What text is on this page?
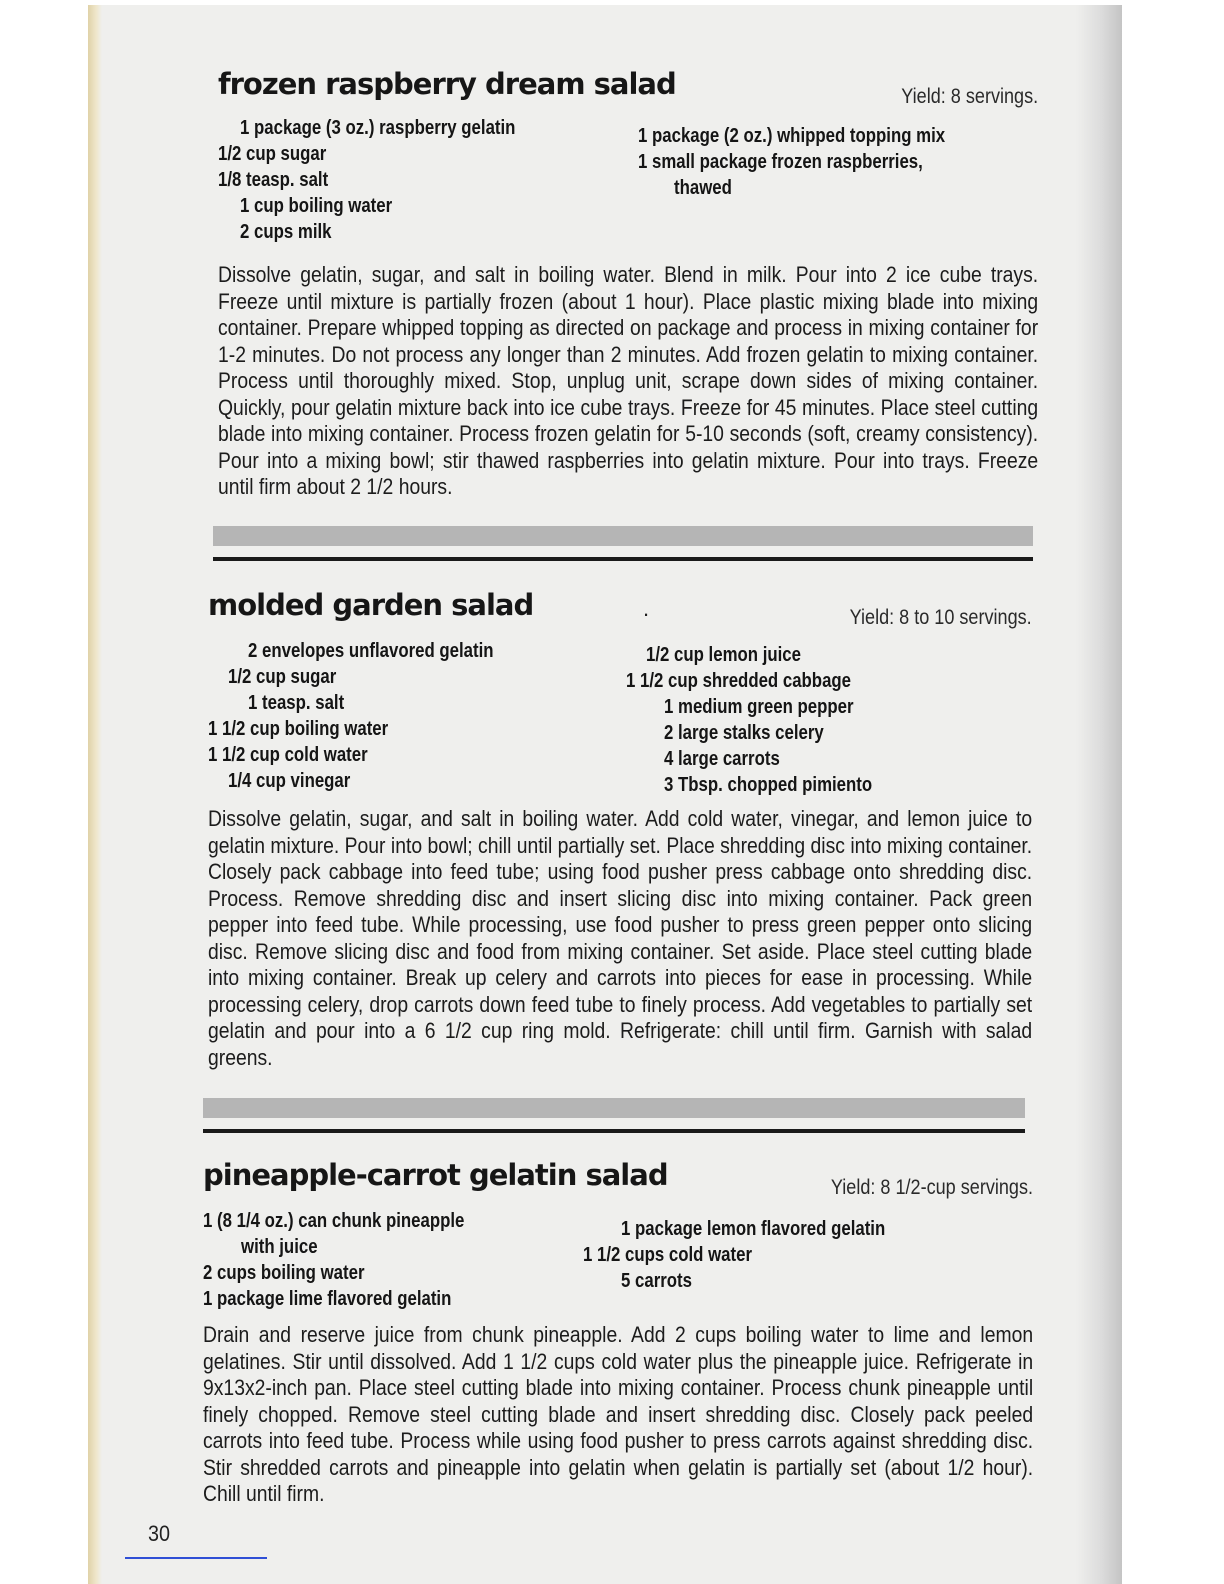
frozen raspberry dream salad	Yield: 8 servings.
1 package (3 oz.) raspberry gelatin
1/2 cup sugar
1/8 teasp. salt
1 cup boiling water
2 cups milk
1 package (2 oz.) whipped topping mix
1 small package frozen raspberries,
thawed

Dissolve gelatin, sugar, and salt in boiling water. Blend in milk. Pour into 2 ice cube trays. Freeze until mixture is partially frozen (about 1 hour). Place plastic mixing blade into mixing container. Prepare whipped topping as directed on package and process in mixing container for 1-2 minutes. Do not process any longer than 2 minutes. Add frozen gelatin to mixing container. Process until thoroughly mixed. Stop, unplug unit, scrape down sides of mixing container. Quickly, pour gelatin mixture back into ice cube trays. Freeze for 45 minutes. Place steel cutting blade into mixing container. Process frozen gelatin for 5-10 seconds (soft, creamy consistency). Pour into a mixing bowl; stir thawed raspberries into gelatin mixture. Pour into trays. Freeze until firm about 2 1/2 hours.

molded garden salad	.	Yield: 8 to 10 servings.
2 envelopes unflavored gelatin
1/2 cup sugar
1 teasp. salt
1 1/2 cup boiling water
1 1/2 cup cold water
1/4 cup vinegar
1/2 cup lemon juice
1 1/2 cup shredded cabbage
1 medium green pepper
2 large stalks celery
4 large carrots
3 Tbsp. chopped pimiento

Dissolve gelatin, sugar, and salt in boiling water. Add cold water, vinegar, and lemon juice to gelatin mixture. Pour into bowl; chill until partially set. Place shredding disc into mixing container. Closely pack cabbage into feed tube; using food pusher press cabbage onto shredding disc. Process. Remove shredding disc and insert slicing disc into mixing container. Pack green pepper into feed tube. While processing, use food pusher to press green pepper onto slicing disc. Remove slicing disc and food from mixing container. Set aside. Place steel cutting blade into mixing container. Break up celery and carrots into pieces for ease in processing. While processing celery, drop carrots down feed tube to finely process. Add vegetables to partially set gelatin and pour into a 6 1/2 cup ring mold. Refrigerate: chill until firm. Garnish with salad greens.

pineapple-carrot gelatin salad	Yield: 8 1/2-cup servings.
1 (8 1/4 oz.) can chunk pineapple
with juice
2 cups boiling water
1 package lime flavored gelatin
1 package lemon flavored gelatin
1 1/2 cups cold water
5 carrots

Drain and reserve juice from chunk pineapple. Add 2 cups boiling water to lime and lemon gelatines. Stir until dissolved. Add 1 1/2 cups cold water plus the pineapple juice. Refrigerate in 9x13x2-inch pan. Place steel cutting blade into mixing container. Process chunk pineapple until finely chopped. Remove steel cutting blade and insert shredding disc. Closely pack peeled carrots into feed tube. Process while using food pusher to press carrots against shredding disc. Stir shredded carrots and pineapple into gelatin when gelatin is partially set (about 1/2 hour). Chill until firm.

30
